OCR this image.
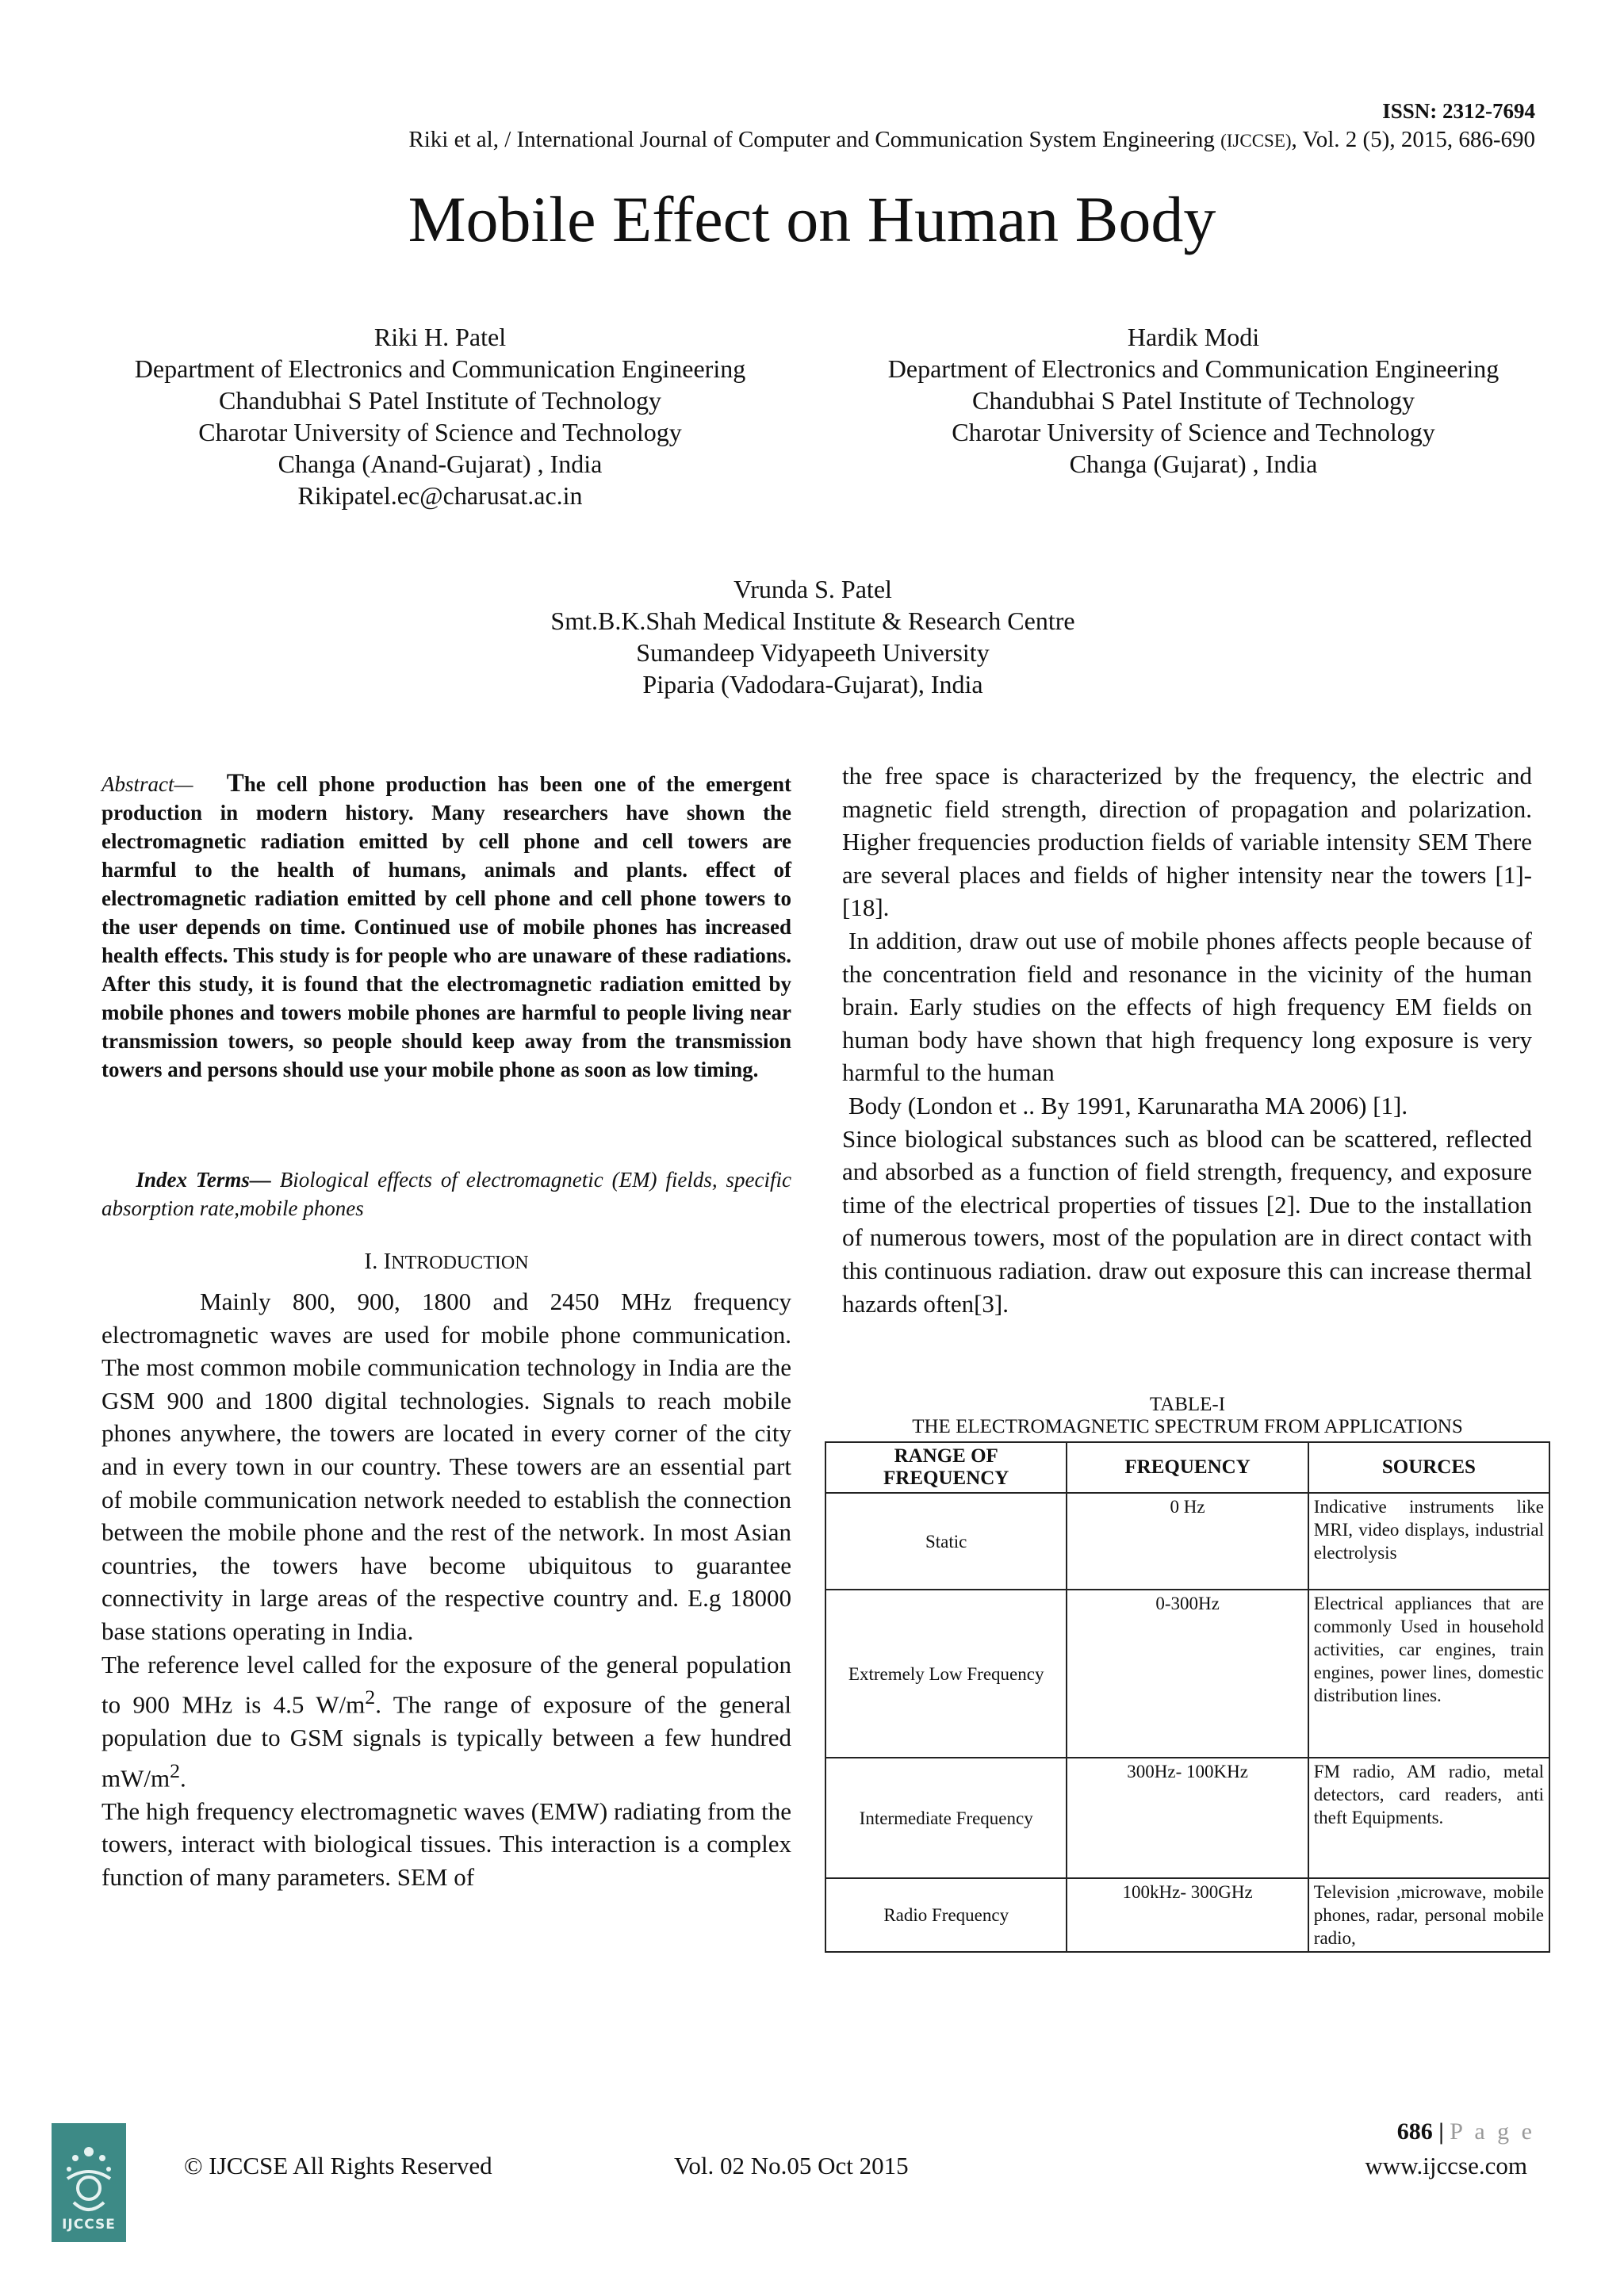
ISSN: 2312-7694
Riki et al, / International Journal of Computer and Communication System Engineering (IJCCSE), Vol. 2 (5), 2015, 686-690
Mobile Effect on Human Body
Riki H. Patel
Department of Electronics and Communication Engineering
Chandubhai S Patel Institute of Technology
Charotar University of Science and Technology
Changa (Anand-Gujarat) , India
Rikipatel.ec@charusat.ac.in
Hardik Modi
Department of Electronics and Communication Engineering
Chandubhai S Patel Institute of Technology
Charotar University of Science and Technology
Changa (Gujarat) , India
Vrunda S. Patel
Smt.B.K.Shah Medical Institute & Research Centre
Sumandeep Vidyapeeth University
Piparia (Vadodara-Gujarat), India
Abstract— The cell phone production has been one of the emergent production in modern history. Many researchers have shown the electromagnetic radiation emitted by cell phone and cell towers are harmful to the health of humans, animals and plants. effect of electromagnetic radiation emitted by cell phone and cell phone towers to the user depends on time. Continued use of mobile phones has increased health effects. This study is for people who are unaware of these radiations. After this study, it is found that the electromagnetic radiation emitted by mobile phones and towers mobile phones are harmful to people living near transmission towers, so people should keep away from the transmission towers and persons should use your mobile phone as soon as low timing.
Index Terms— Biological effects of electromagnetic (EM) fields, specific absorption rate,mobile phones
I. INTRODUCTION

Mainly 800, 900, 1800 and 2450 MHz frequency electromagnetic waves are used for mobile phone communication. The most common mobile communication technology in India are the GSM 900 and 1800 digital technologies. Signals to reach mobile phones anywhere, the towers are located in every corner of the city and in every town in our country. These towers are an essential part of mobile communication network needed to establish the connection between the mobile phone and the rest of the network. In most Asian countries, the towers have become ubiquitous to guarantee connectivity in large areas of the respective country and. E.g 18000 base stations operating in India.

The reference level called for the exposure of the general population to 900 MHz is 4.5 $W/m^2$. The range of exposure of the general population due to GSM signals is typically between a few hundred $mW/m^2$.

The high frequency electromagnetic waves (EMW) radiating from the towers, interact with biological tissues. This interaction is a complex function of many parameters. SEM of

the free space is characterized by the frequency, the electric and magnetic field strength, direction of propagation and polarization. Higher frequencies production fields of variable intensity SEM There are several places and fields of higher intensity near the towers [1]-[18].

In addition, draw out use of mobile phones affects people because of the concentration field and resonance in the vicinity of the human brain. Early studies on the effects of high frequency EM fields on human body have shown that high frequency long exposure is very harmful to the human

Body (London et .. By 1991, Karunaratha MA 2006) [1].

Since biological substances such as blood can be scattered, reflected and absorbed as a function of field strength, frequency, and exposure time of the electrical properties of tissues [2]. Due to the installation of numerous towers, most of the population are in direct contact with this continuous radiation. draw out exposure this can increase thermal hazards often[3].

TABLE-I
THE ELECTROMAGNETIC SPECTRUM FROM APPLICATIONS
RANGE OF FREQUENCY	FREQUENCY	SOURCES
Static	0 Hz	Indicative instruments like MRI, video displays, industrial electrolysis
Extremely Low Frequency	0-300Hz	Electrical appliances that are commonly Used in household activities, car engines, train engines, power lines, domestic distribution lines.
Intermediate Frequency	300Hz- 100KHz	FM radio, AM radio, metal detectors, card readers, anti theft Equipments.
Radio Frequency	100kHz- 300GHz	Television ,microwave, mobile phones, radar, personal mobile radio,
IJCCSE
© IJCCSE All Rights Reserved	Vol. 02 No.05 Oct 2015
686 | P a g e
www.ijccse.com
